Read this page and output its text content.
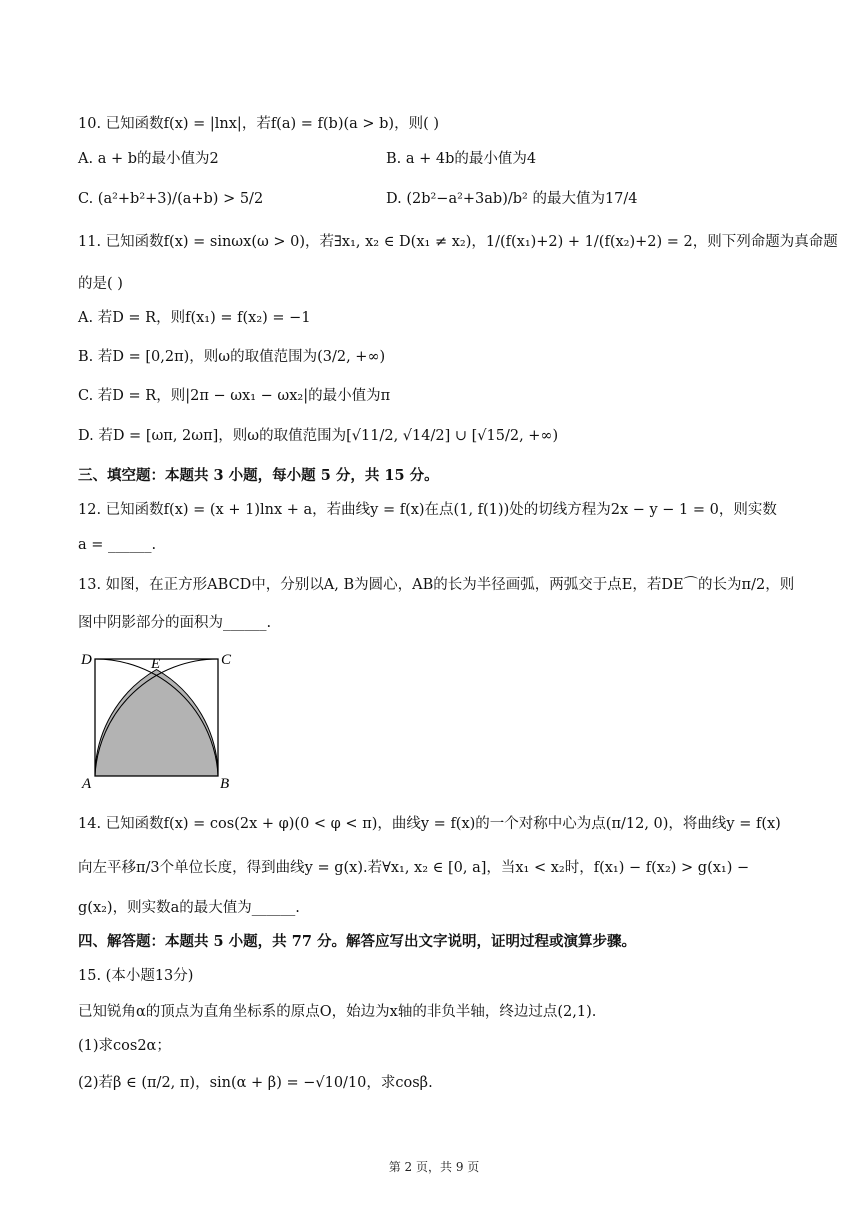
10. 已知函数f(x) = |lnx|，若f(a) = f(b)(a > b)，则( )
A. a + b的最小值为2	B. a + 4b的最小值为4
C. (a²+b²+3)/(a+b) > 5/2	D. (2b²−a²+3ab)/b² 的最大值为17/4
11. 已知函数f(x) = sinωx(ω > 0)，若∃x₁, x₂ ∈ D(x₁ ≠ x₂)，1/(f(x₁)+2) + 1/(f(x₂)+2) = 2，则下列命题为真命题
的是( )
A. 若D = R，则f(x₁) = f(x₂) = −1
B. 若D = [0,2π)，则ω的取值范围为(3/2, +∞)
C. 若D = R，则|2π − ωx₁ − ωx₂|的最小值为π
D. 若D = [ωπ, 2ωπ]，则ω的取值范围为[√11/2, √14/2] ∪ [√15/2, +∞)
三、填空题：本题共 3 小题，每小题 5 分，共 15 分。
12. 已知函数f(x) = (x + 1)lnx + a，若曲线y = f(x)在点(1, f(1))处的切线方程为2x − y − 1 = 0，则实数
a = ______.
13. 如图，在正方形ABCD中，分别以A, B为圆心，AB的长为半径画弧，两弧交于点E，若DE⌒的长为π/2，则
图中阴影部分的面积为______.
D	C
E
A	B
14. 已知函数f(x) = cos(2x + φ)(0 < φ < π)，曲线y = f(x)的一个对称中心为点(π/12, 0)，将曲线y = f(x)
向左平移π/3个单位长度，得到曲线y = g(x).若∀x₁, x₂ ∈ [0, a]，当x₁ < x₂时，f(x₁) − f(x₂) > g(x₁) −
g(x₂)，则实数a的最大值为______.
四、解答题：本题共 5 小题，共 77 分。解答应写出文字说明，证明过程或演算步骤。
15. (本小题13分)
已知锐角α的顶点为直角坐标系的原点O，始边为x轴的非负半轴，终边过点(2,1).
(1)求cos2α；
(2)若β ∈ (π/2, π)，sin(α + β) = −√10/10，求cosβ.
第 2 页，共 9 页
